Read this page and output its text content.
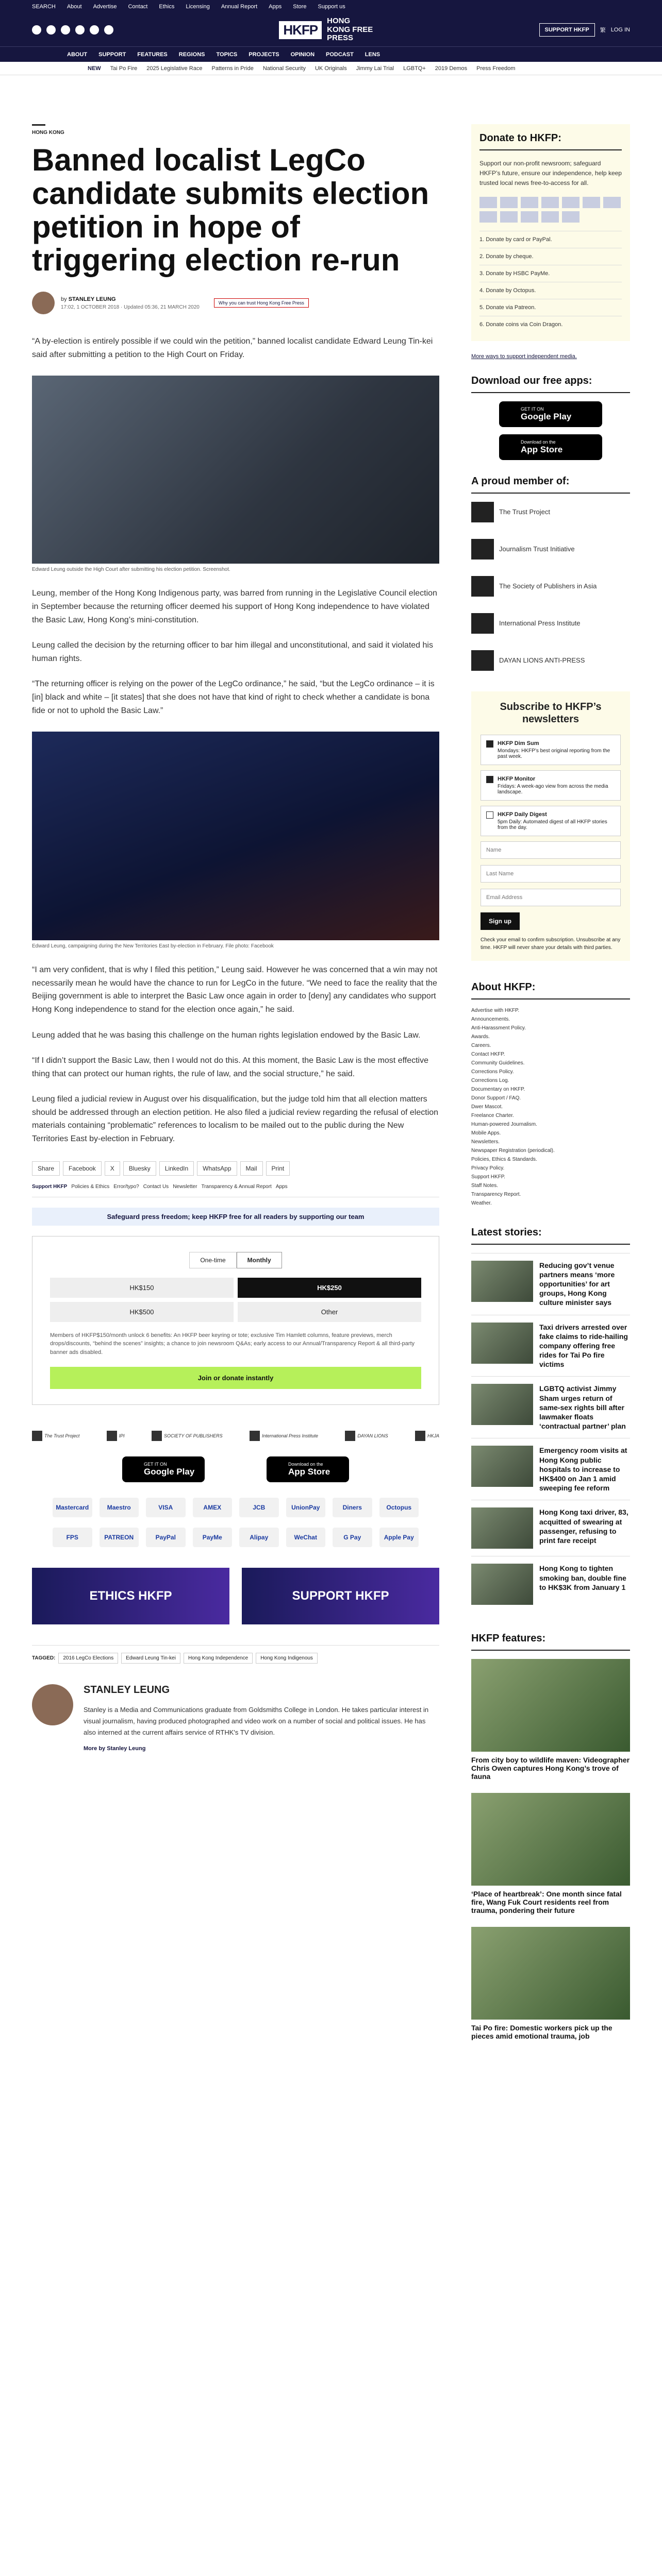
SEARCH About Advertise Contact Ethics Licensing Annual Report Apps Store Support us
HKFP
HONG KONG FREE PRESS
SUPPORT HKFP	繁 LOG IN
ABOUT SUPPORT FEATURES REGIONS TOPICS PROJECTS OPINION PODCAST LENS
NEW Tai Po Fire 2025 Legislative Race Patterns in Pride National Security UK Originals Jimmy Lai Trial LGBTQ+ 2019 Demos Press Freedom
HONG KONG
Banned localist LegCo candidate submits election petition in hope of triggering election re-run
by STANLEY LEUNG
17:02, 1 OCTOBER 2018 · Updated 05:36, 21 MARCH 2020
Why you can trust Hong Kong Free Press

“A by-election is entirely possible if we could win the petition,” banned localist candidate Edward Leung Tin-kei said after submitting a petition to the High Court on Friday.

Edward Leung outside the High Court after submitting his election petition. Screenshot.

Leung, member of the Hong Kong Indigenous party, was barred from running in the Legislative Council election in September because the returning officer deemed his support of Hong Kong independence to have violated the Basic Law, Hong Kong’s mini-constitution.

Leung called the decision by the returning officer to bar him illegal and unconstitutional, and said it violated his human rights.

“The returning officer is relying on the power of the LegCo ordinance,” he said, “but the LegCo ordinance – it is [in] black and white – [it states] that she does not have that kind of right to check whether a candidate is bona fide or not to uphold the Basic Law.”

Edward Leung, campaigning during the New Territories East by-election in February. File photo: Facebook

“I am very confident, that is why I filed this petition,” Leung said. However he was concerned that a win may not necessarily mean he would have the chance to run for LegCo in the future. “We need to face the reality that the Beijing government is able to interpret the Basic Law once again in order to [deny] any candidates who support Hong Kong independence to stand for the election once again,” he said.

Leung added that he was basing this challenge on the human rights legislation endowed by the Basic Law.

“If I didn’t support the Basic Law, then I would not do this. At this moment, the Basic Law is the most effective thing that can protect our human rights, the rule of law, and the social structure,” he said.

Leung filed a judicial review in August over his disqualification, but the judge told him that all election matters should be addressed through an election petition. He also filed a judicial review regarding the refusal of election materials containing “problematic” references to localism to be mailed out to the public during the New Territories East by-election in February.

Share	Facebook	X	Bluesky	LinkedIn	WhatsApp	Mail	Print
Support HKFP Policies & Ethics Error/typo? Contact Us Newsletter Transparency & Annual Report Apps
Safeguard press freedom; keep HKFP free for all readers by supporting our team
One-time	Monthly
HK$150	HK$250
HK$500	Other
Members of HKFP$150/month unlock 6 benefits: An HKFP beer keyring or tote; exclusive Tim Hamlett columns, feature previews, merch drops/discounts, “behind the scenes” insights; a chance to join newsroom Q&As; early access to our Annual/Transparency Report & all third-party banner ads disabled.
Join or donate instantly
The Trust Project	IPI	SOCIETY OF PUBLISHERS	International Press Institute	DAYAN LIONS	HKJA
GET IT ON
Google Play
Download on the
App Store
Mastercard	Maestro	VISA	AMEX	JCB	UnionPay	Diners	Octopus
FPS	PATREON	PayPal	PayMe	Alipay	WeChat	G Pay	Apple Pay
ETHICS HKFP	SUPPORT HKFP
TAGGED:	2016 LegCo Elections	Edward Leung Tin-kei	Hong Kong Independence	Hong Kong Indigenous
STANLEY LEUNG
Stanley is a Media and Communications graduate from Goldsmiths College in London. He takes particular interest in visual journalism, having produced photographed and video work on a number of social and political issues. He has also interned at the current affairs service of RTHK's TV division.
More by Stanley Leung
Donate to HKFP:

Support our non-profit newsroom; safeguard HKFP’s future, ensure our independence, help keep trusted local news free-to-access for all.

1. Donate by card or PayPal.
2. Donate by cheque.
3. Donate by HSBC PayMe.
4. Donate by Octopus.
5. Donate via Patreon.
6. Donate coins via Coin Dragon.
More ways to support independent media.
Download our free apps:
GET IT ON
Google Play
Download on the
App Store
A proud member of:
The Trust Project
Journalism Trust Initiative
The Society of Publishers in Asia
International Press Institute
DAYAN LIONS ANTI-PRESS
Subscribe to HKFP’s newsletters
HKFP Dim Sum
Mondays: HKFP’s best original reporting from the past week.
HKFP Monitor
Fridays: A week-ago view from across the media landscape.
HKFP Daily Digest
5pm Daily: Automated digest of all HKFP stories from the day.
Name
Last Name
Email Address
Sign up

Check your email to confirm subscription. Unsubscribe at any time. HKFP will never share your details with third parties.

About HKFP:
Advertise with HKFP.
Announcements.
Anti-Harassment Policy.
Awards.
Careers.
Contact HKFP.
Community Guidelines.
Corrections Policy.
Corrections Log.
Documentary on HKFP.
Donor Support / FAQ.
Dwer Mascot.
Freelance Charter.
Human-powered Journalism.
Mobile Apps.
Newsletters.
Newspaper Registration (periodical).
Policies, Ethics & Standards.
Privacy Policy.
Support HKFP.
Staff Notes.
Transparency Report.
Weather.
Latest stories:
Reducing gov’t venue partners means ‘more opportunities’ for art groups, Hong Kong culture minister says
Taxi drivers arrested over fake claims to ride-hailing company offering free rides for Tai Po fire victims
LGBTQ activist Jimmy Sham urges return of same-sex rights bill after lawmaker floats ‘contractual partner’ plan
Emergency room visits at Hong Kong public hospitals to increase to HK$400 on Jan 1 amid sweeping fee reform
Hong Kong taxi driver, 83, acquitted of swearing at passenger, refusing to print fare receipt
Hong Kong to tighten smoking ban, double fine to HK$3K from January 1
HKFP features:
From city boy to wildlife maven: Videographer Chris Owen captures Hong Kong’s trove of fauna
‘Place of heartbreak’: One month since fatal fire, Wang Fuk Court residents reel from trauma, pondering their future
Tai Po fire: Domestic workers pick up the pieces amid emotional trauma, job
